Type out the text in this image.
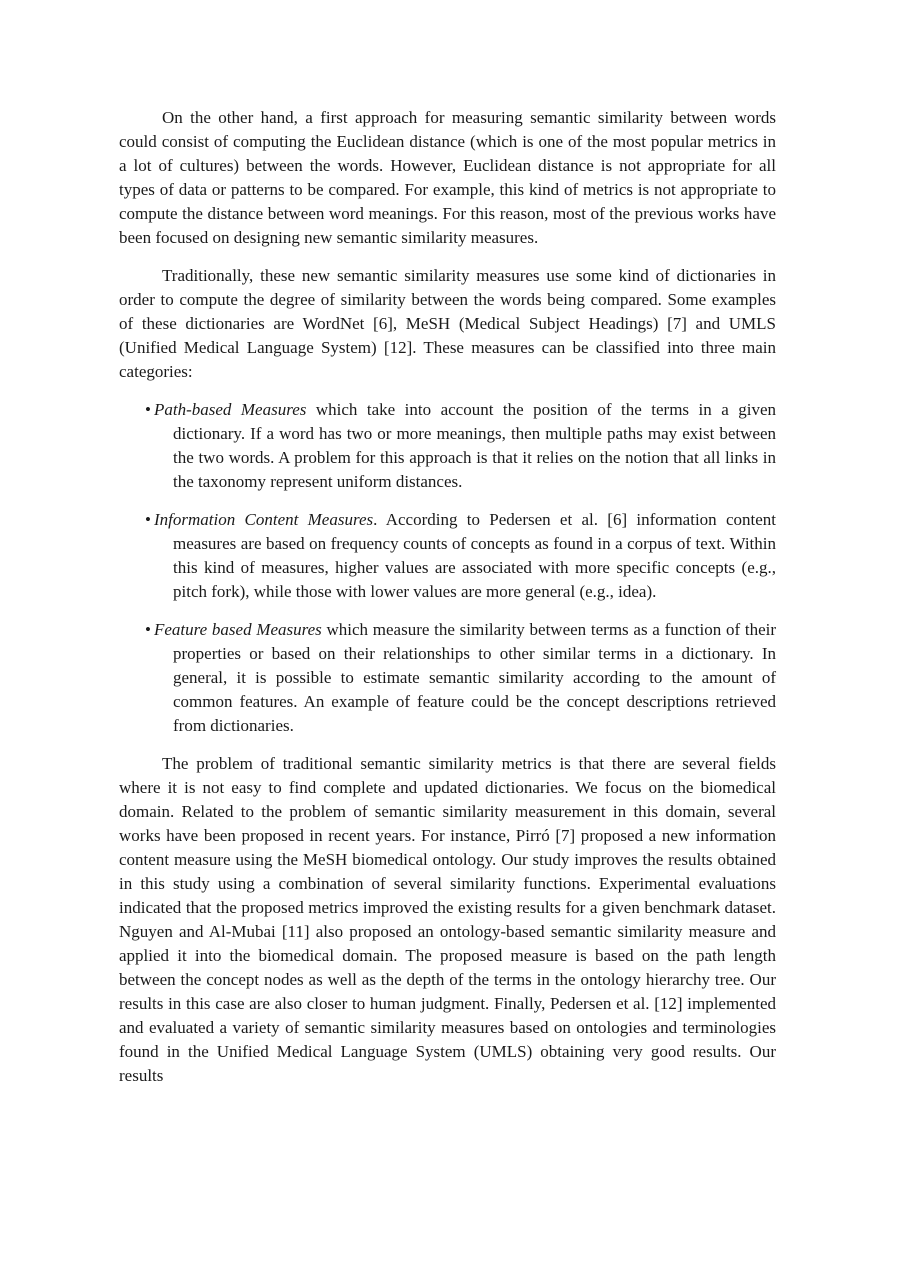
On the other hand, a first approach for measuring semantic similarity between words could consist of computing the Euclidean distance (which is one of the most popular metrics in a lot of cultures) between the words. However, Euclidean distance is not appropriate for all types of data or patterns to be compared. For example, this kind of metrics is not appropriate to compute the distance between word meanings. For this reason, most of the previous works have been focused on designing new semantic similarity measures.

Traditionally, these new semantic similarity measures use some kind of dictionaries in order to compute the degree of similarity between the words being compared. Some examples of these dictionaries are WordNet [6], MeSH (Medical Subject Headings) [7] and UMLS (Unified Medical Language System) [12]. These measures can be classified into three main categories:

• Path-based Measures which take into account the position of the terms in a given dictionary. If a word has two or more meanings, then multiple paths may exist between the two words. A problem for this approach is that it relies on the notion that all links in the taxonomy represent uniform distances.
• Information Content Measures. According to Pedersen et al. [6] information content measures are based on frequency counts of concepts as found in a corpus of text. Within this kind of measures, higher values are associated with more specific concepts (e.g., pitch fork), while those with lower values are more general (e.g., idea).
• Feature based Measures which measure the similarity between terms as a function of their properties or based on their relationships to other similar terms in a dictionary. In general, it is possible to estimate semantic similarity according to the amount of common features. An example of feature could be the concept descriptions retrieved from dictionaries.

The problem of traditional semantic similarity metrics is that there are several fields where it is not easy to find complete and updated dictionaries. We focus on the biomedical domain. Related to the problem of semantic similarity measurement in this domain, several works have been proposed in recent years. For instance, Pirró [7] proposed a new information content measure using the MeSH biomedical ontology. Our study improves the results obtained in this study using a combination of several similarity functions. Experimental evaluations indicated that the proposed metrics improved the existing results for a given benchmark dataset. Nguyen and Al-Mubai [11] also proposed an ontology-based semantic similarity measure and applied it into the biomedical domain. The proposed measure is based on the path length between the concept nodes as well as the depth of the terms in the ontology hierarchy tree. Our results in this case are also closer to human judgment. Finally, Pedersen et al. [12] implemented and evaluated a variety of semantic similarity measures based on ontologies and terminologies found in the Unified Medical Language System (UMLS) obtaining very good results. Our results
